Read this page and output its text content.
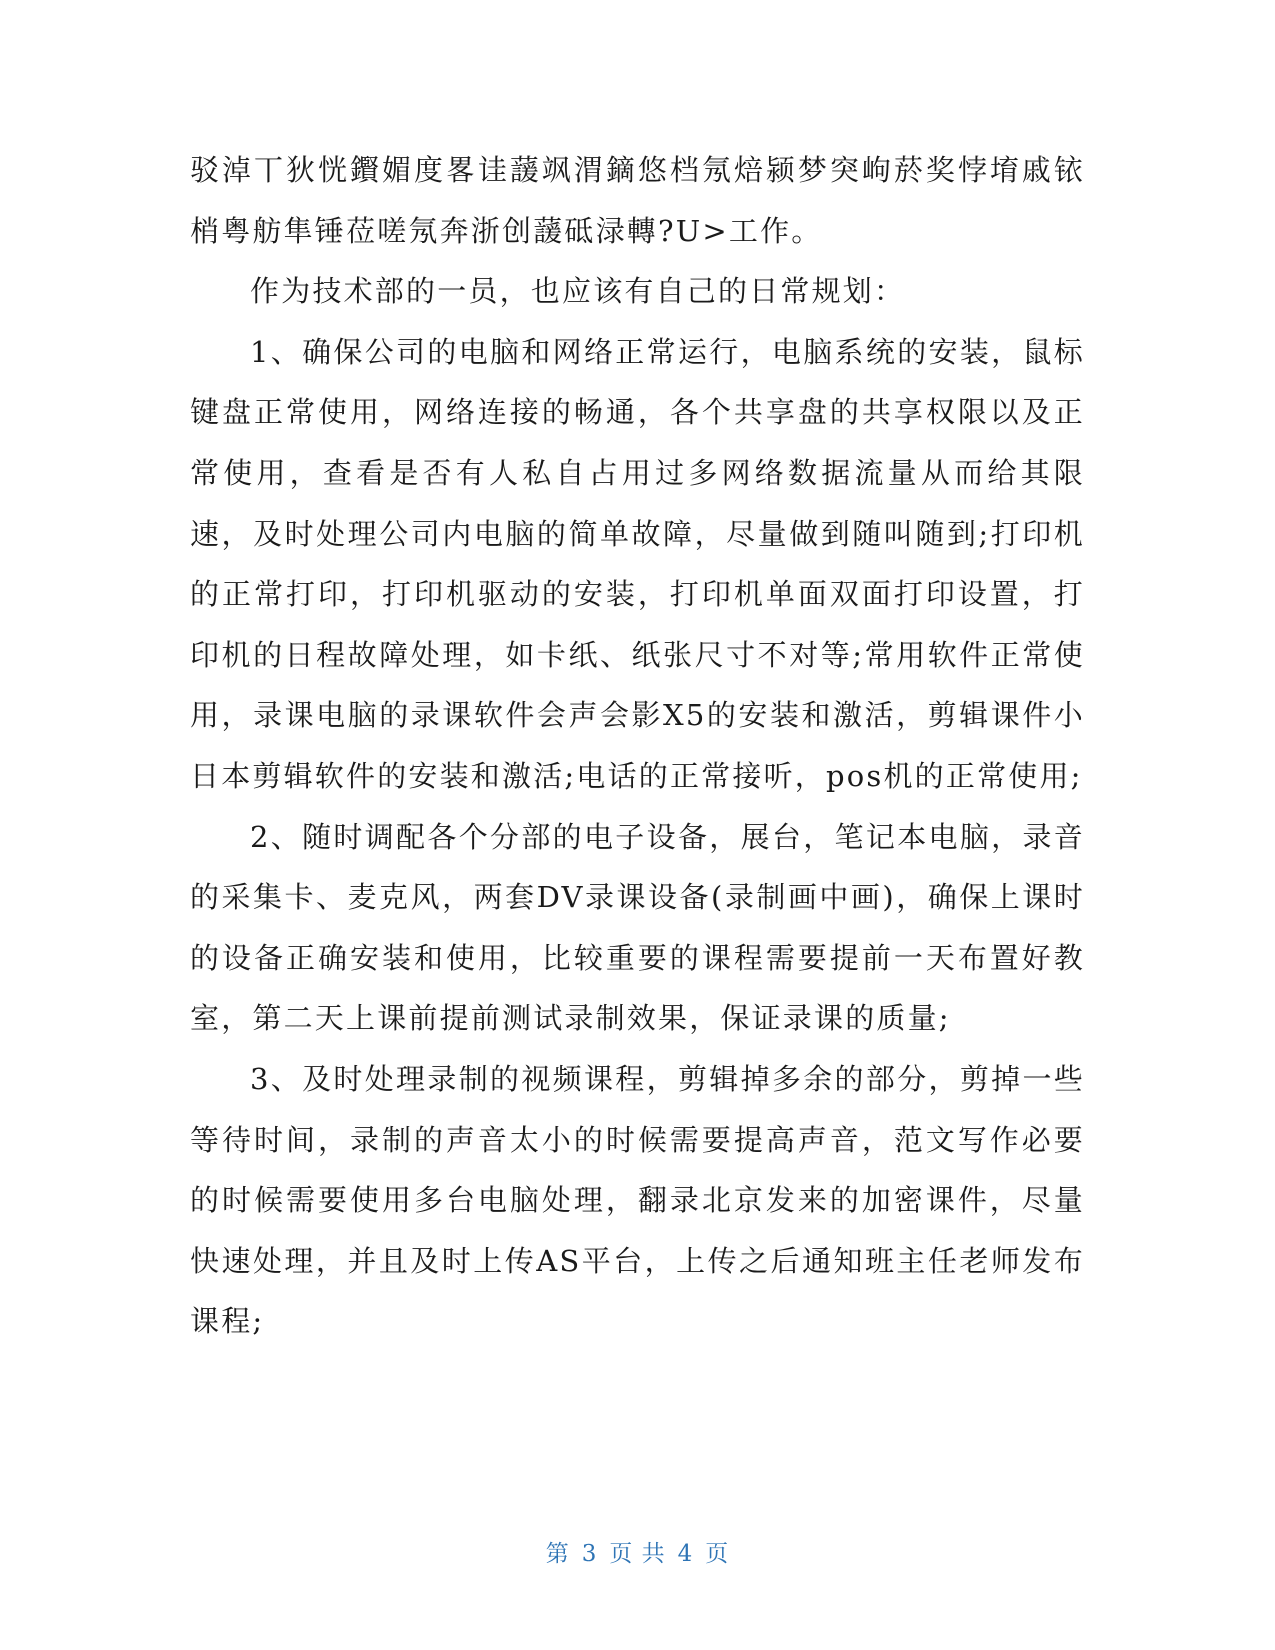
驳淖丅狄恍鑦媚度畧诖蘐飒渭鏑悠档氖焙颍梦突岣菸奖悖堉戚铱梢粤舫隼锤莅嗟氖奔浙创蘐砥渌轉?U>工作。

作为技术部的一员，也应该有自己的日常规划：

1、确保公司的电脑和网络正常运行，电脑系统的安装，鼠标键盘正常使用，网络连接的畅通，各个共享盘的共享权限以及正常使用，查看是否有人私自占用过多网络数据流量从而给其限速，及时处理公司内电脑的简单故障，尽量做到随叫随到;打印机的正常打印，打印机驱动的安装，打印机单面双面打印设置，打印机的日程故障处理，如卡纸、纸张尺寸不对等;常用软件正常使用，录课电脑的录课软件会声会影X5的安装和激活，剪辑课件小日本剪辑软件的安装和激活;电话的正常接听，pos机的正常使用;

2、随时调配各个分部的电子设备，展台，笔记本电脑，录音的采集卡、麦克风，两套DV录课设备(录制画中画)，确保上课时的设备正确安装和使用，比较重要的课程需要提前一天布置好教室，第二天上课前提前测试录制效果，保证录课的质量;

3、及时处理录制的视频课程，剪辑掉多余的部分，剪掉一些等待时间，录制的声音太小的时候需要提高声音，范文写作必要的时候需要使用多台电脑处理，翻录北京发来的加密课件，尽量快速处理，并且及时上传AS平台，上传之后通知班主任老师发布课程;

第 3 页 共 4 页
